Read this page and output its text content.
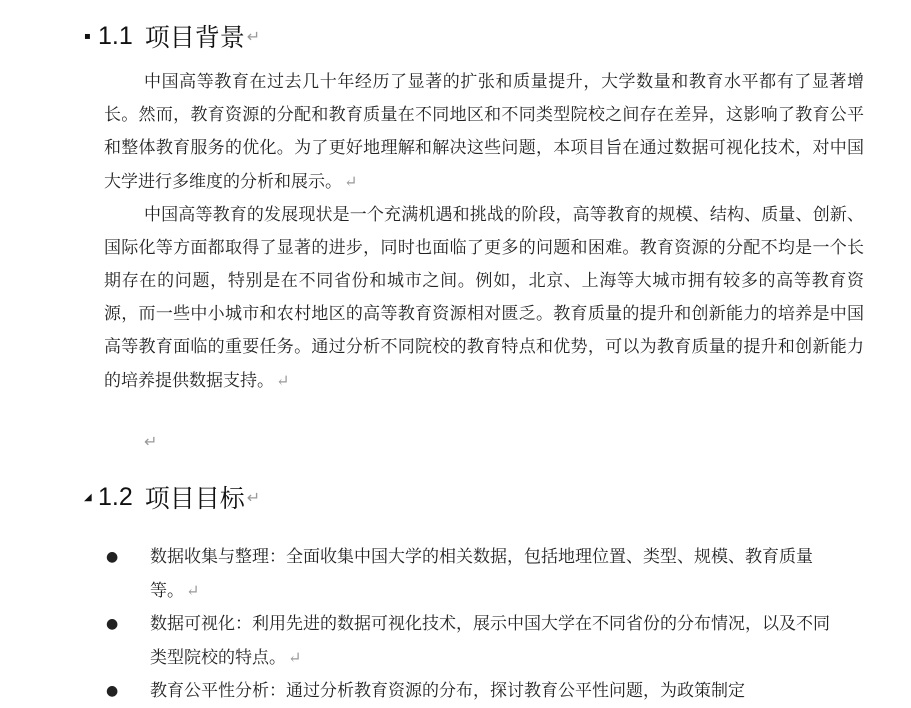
▪ 1.1 项目背景 ↵

中国高等教育在过去几十年经历了显著的扩张和质量提升，大学数量和教育水平都有了显著增长。然而，教育资源的分配和教育质量在不同地区和不同类型院校之间存在差异，这影响了教育公平和整体教育服务的优化。为了更好地理解和解决这些问题，本项目旨在通过数据可视化技术，对中国大学进行多维度的分析和展示。 ↵

中国高等教育的发展现状是一个充满机遇和挑战的阶段，高等教育的规模、结构、质量、创新、国际化等方面都取得了显著的进步，同时也面临了更多的问题和困难。教育资源的分配不均是一个长期存在的问题，特别是在不同省份和城市之间。例如，北京、上海等大城市拥有较多的高等教育资源，而一些中小城市和农村地区的高等教育资源相对匮乏。教育质量的提升和创新能力的培养是中国高等教育面临的重要任务。通过分析不同院校的教育特点和优势，可以为教育质量的提升和创新能力的培养提供数据支持。 ↵

↵
◢ 1.2 项目目标 ↵
● 数据收集与整理：全面收集中国大学的相关数据，包括地理位置、类型、规模、教育质量等。 ↵
● 数据可视化：利用先进的数据可视化技术，展示中国大学在不同省份的分布情况，以及不同类型院校的特点。 ↵
● 教育公平性分析：通过分析教育资源的分布，探讨教育公平性问题，为政策制定
